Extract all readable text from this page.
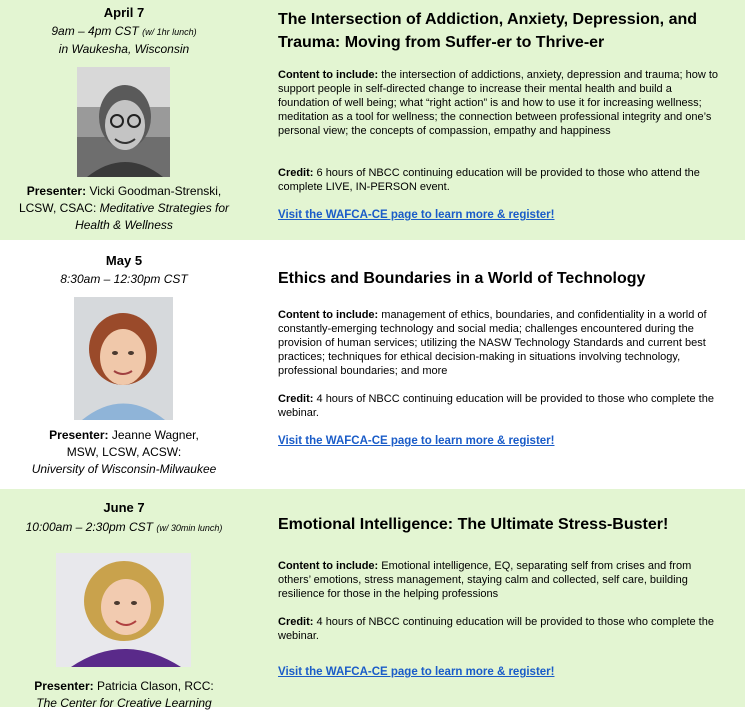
April 7
9am – 4pm CST (w/ 1hr lunch)
in Waukesha, Wisconsin
Presenter: Vicki Goodman-Strenski,
LCSW, CSAC: Meditative Strategies for Health & Wellness
The Intersection of Addiction, Anxiety, Depression, and Trauma: Moving from Suffer-er to Thrive-er
Content to include: the intersection of addictions, anxiety, depression and trauma; how to support people in self-directed change to increase their mental health and build a foundation of well being; what “right action” is and how to use it for increasing wellness; meditation as a tool for wellness; the connection between professional integrity and one’s personal view; the concepts of compassion, empathy and happiness
Credit: 6 hours of NBCC continuing education will be provided to those who attend the complete LIVE, IN-PERSON event.
Visit the WAFCA-CE page to learn more & register!
May 5
8:30am – 12:30pm CST
Presenter: Jeanne Wagner,
MSW, LCSW, ACSW:
University of Wisconsin-Milwaukee
Ethics and Boundaries in a World of Technology
Content to include: management of ethics, boundaries, and confidentiality in a world of constantly-emerging technology and social media; challenges encountered during the provision of human services; utilizing the NASW Technology Standards and current best practices; techniques for ethical decision-making in situations involving technology, professional boundaries; and more
Credit: 4 hours of NBCC continuing education will be provided to those who complete the webinar.
Visit the WAFCA-CE page to learn more & register!
June 7
10:00am – 2:30pm CST (w/ 30min lunch)
Presenter: Patricia Clason, RCC:
The Center for Creative Learning
Emotional Intelligence: The Ultimate Stress-Buster!
Content to include: Emotional intelligence, EQ, separating self from crises and from others’ emotions, stress management, staying calm and collected, self care, building resilience for those in the helping professions
Credit: 4 hours of NBCC continuing education will be provided to those who complete the webinar.
Visit the WAFCA-CE page to learn more & register!
